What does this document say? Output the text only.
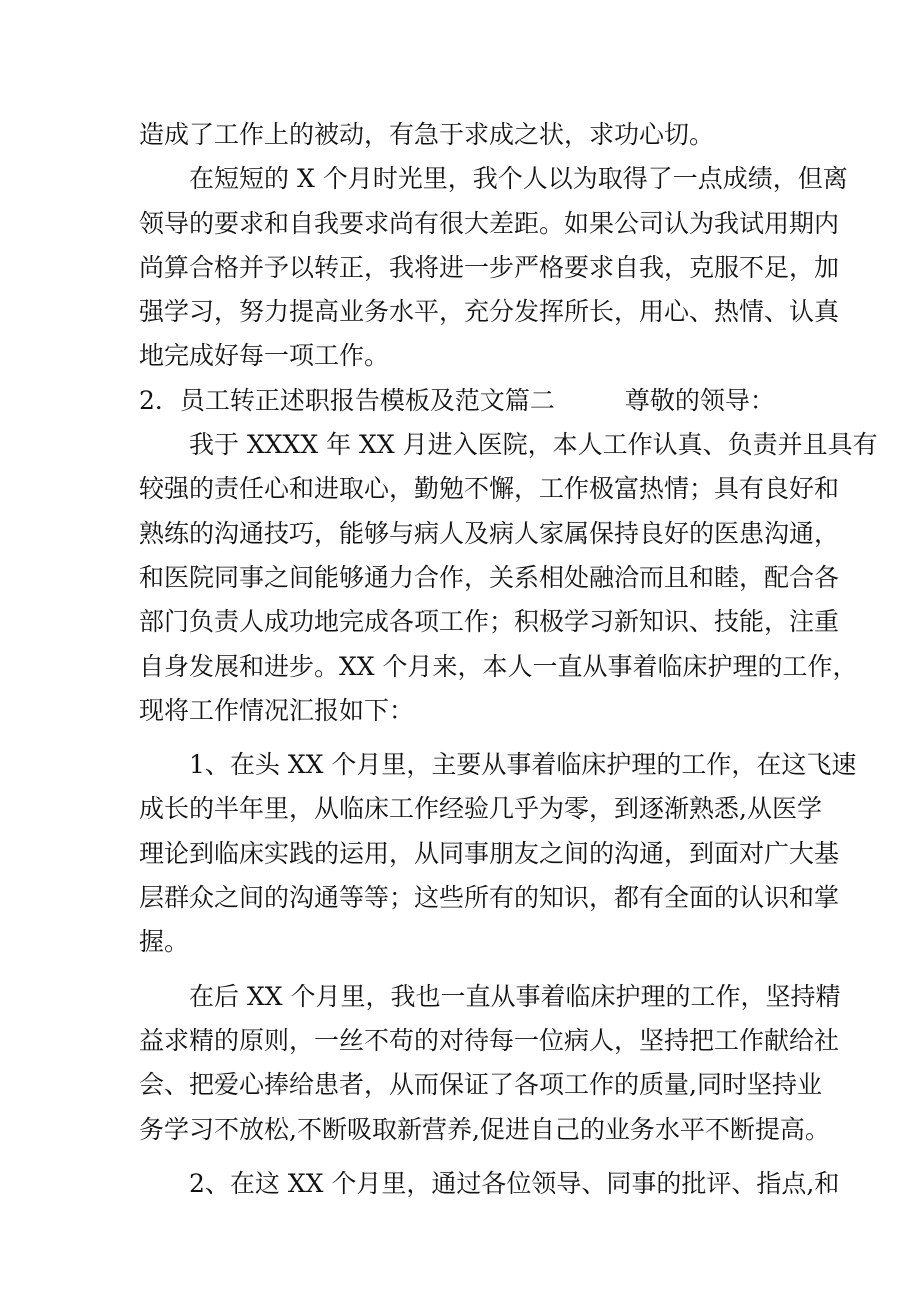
造成了工作上的被动，有急于求成之状，求功心切。
在短短的 X 个月时光里，我个人以为取得了一点成绩，但离
领导的要求和自我要求尚有很大差距。如果公司认为我试用期内
尚算合格并予以转正，我将进一步严格要求自我，克服不足，加
强学习，努力提高业务水平，充分发挥所长，用心、热情、认真
地完成好每一项工作。
2．员工转正述职报告模板及范文篇二	尊敬的领导：
我于 XXXX 年 XX 月进入医院，本人工作认真、负责并且具有
较强的责任心和进取心，勤勉不懈，工作极富热情；具有良好和
熟练的沟通技巧，能够与病人及病人家属保持良好的医患沟通，
和医院同事之间能够通力合作，关系相处融洽而且和睦，配合各
部门负责人成功地完成各项工作；积极学习新知识、技能，注重
自身发展和进步。XX 个月来，本人一直从事着临床护理的工作，
现将工作情况汇报如下：
1、在头 XX 个月里，主要从事着临床护理的工作，在这飞速
成长的半年里，从临床工作经验几乎为零，到逐渐熟悉,从医学
理论到临床实践的运用，从同事朋友之间的沟通，到面对广大基
层群众之间的沟通等等；这些所有的知识，都有全面的认识和掌
握。
在后 XX 个月里，我也一直从事着临床护理的工作，坚持精
益求精的原则，一丝不苟的对待每一位病人，坚持把工作献给社
会、把爱心捧给患者，从而保证了各项工作的质量,同时坚持业
务学习不放松,不断吸取新营养,促进自己的业务水平不断提高。
2、在这 XX 个月里，通过各位领导、同事的批评、指点,和
